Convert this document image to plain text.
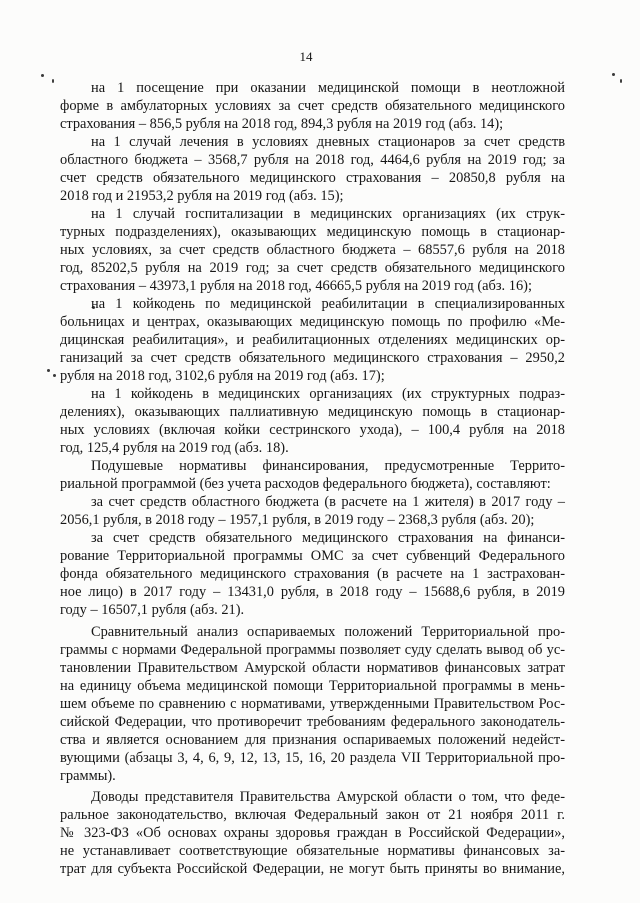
14
на 1 посещение при оказании медицинской помощи в неотложной
форме в амбулаторных условиях за счет средств обязательного медицинского
страхования – 856,5 рубля на 2018 год, 894,3 рубля на 2019 год (абз. 14);
на 1 случай лечения в условиях дневных стационаров за счет средств
областного бюджета – 3568,7 рубля на 2018 год, 4464,6 рубля на 2019 год; за
счет средств обязательного медицинского страхования – 20850,8 рубля на
2018 год и 21953,2 рубля на 2019 год (абз. 15);
на 1 случай госпитализации в медицинских организациях (их струк-
турных подразделениях), оказывающих медицинскую помощь в стационар-
ных условиях, за счет средств областного бюджета – 68557,6 рубля на 2018
год, 85202,5 рубля на 2019 год; за счет средств обязательного медицинского
страхования – 43973,1 рубля на 2018 год, 46665,5 рубля на 2019 год (абз. 16);
на 1 койкодень по медицинской реабилитации в специализированных
больницах и центрах, оказывающих медицинскую помощь по профилю «Ме-
дицинская реабилитация», и реабилитационных отделениях медицинских ор-
ганизаций за счет средств обязательного медицинского страхования – 2950,2
рубля на 2018 год, 3102,6 рубля на 2019 год (абз. 17);
на 1 койкодень в медицинских организациях (их структурных подраз-
делениях), оказывающих паллиативную медицинскую помощь в стационар-
ных условиях (включая койки сестринского ухода), – 100,4 рубля на 2018
год, 125,4 рубля на 2019 год (абз. 18).
Подушевые нормативы финансирования, предусмотренные Террито-
риальной программой (без учета расходов федерального бюджета), составляют:
за счет средств областного бюджета (в расчете на 1 жителя) в 2017 году –
2056,1 рубля, в 2018 году – 1957,1 рубля, в 2019 году – 2368,3 рубля (абз. 20);
за счет средств обязательного медицинского страхования на финанси-
рование Территориальной программы ОМС за счет субвенций Федерального
фонда обязательного медицинского страхования (в расчете на 1 застрахован-
ное лицо) в 2017 году – 13431,0 рубля, в 2018 году – 15688,6 рубля, в 2019
году – 16507,1 рубля (абз. 21).
Сравнительный анализ оспариваемых положений Территориальной про-
граммы с нормами Федеральной программы позволяет суду сделать вывод об ус-
тановлении Правительством Амурской области нормативов финансовых затрат
на единицу объема медицинской помощи Территориальной программы в мень-
шем объеме по сравнению с нормативами, утвержденными Правительством Рос-
сийской Федерации, что противоречит требованиям федерального законодатель-
ства и является основанием для признания оспариваемых положений недейст-
вующими (абзацы 3, 4, 6, 9, 12, 13, 15, 16, 20 раздела VII Территориальной про-
граммы).
Доводы представителя Правительства Амурской области о том, что феде-
ральное законодательство, включая Федеральный закон от 21 ноября 2011 г.
№ 323-ФЗ «Об основах охраны здоровья граждан в Российской Федерации»,
не устанавливает соответствующие обязательные нормативы финансовых за-
трат для субъекта Российской Федерации, не могут быть приняты во внимание,
